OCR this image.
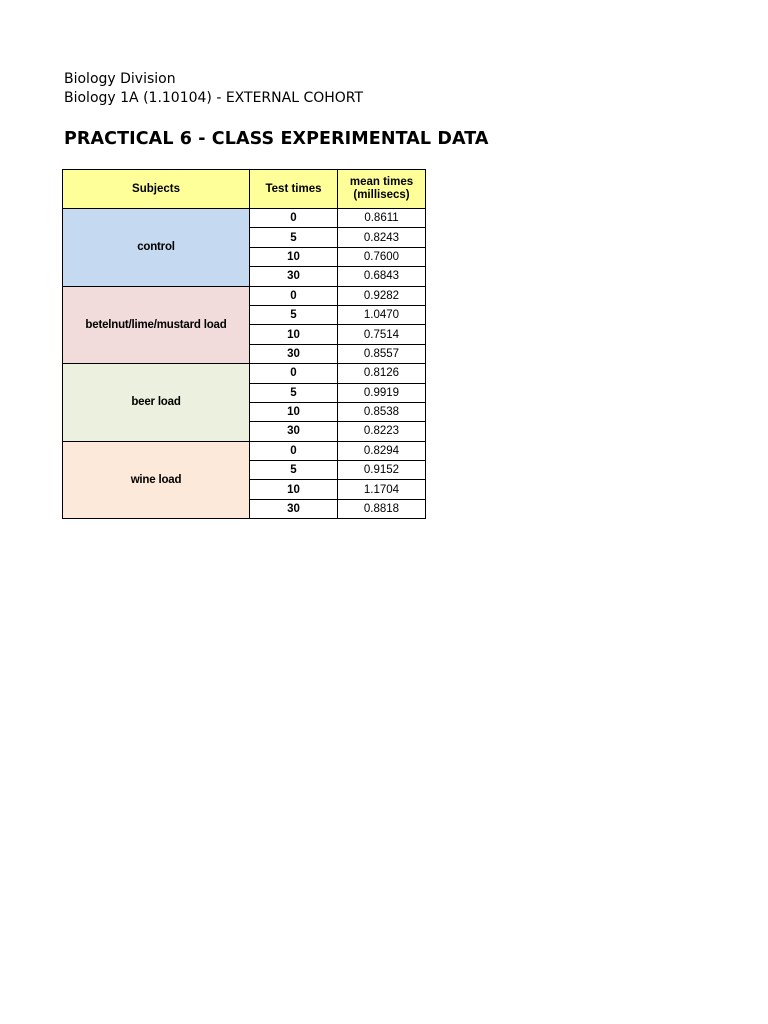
Biology Division
Biology 1A (1.10104) - EXTERNAL COHORT
PRACTICAL 6 - CLASS EXPERIMENTAL DATA
Subjects	Test times	mean times (millisecs)

control	0	0.8611
	5	0.8243
	10	0.7600
	30	0.6843
betelnut/lime/mustard load	0	0.9282
	5	1.0470
	10	0.7514
	30	0.8557
beer load	0	0.8126
	5	0.9919
	10	0.8538
	30	0.8223
wine load	0	0.8294
	5	0.9152
	10	1.1704
	30	0.8818
